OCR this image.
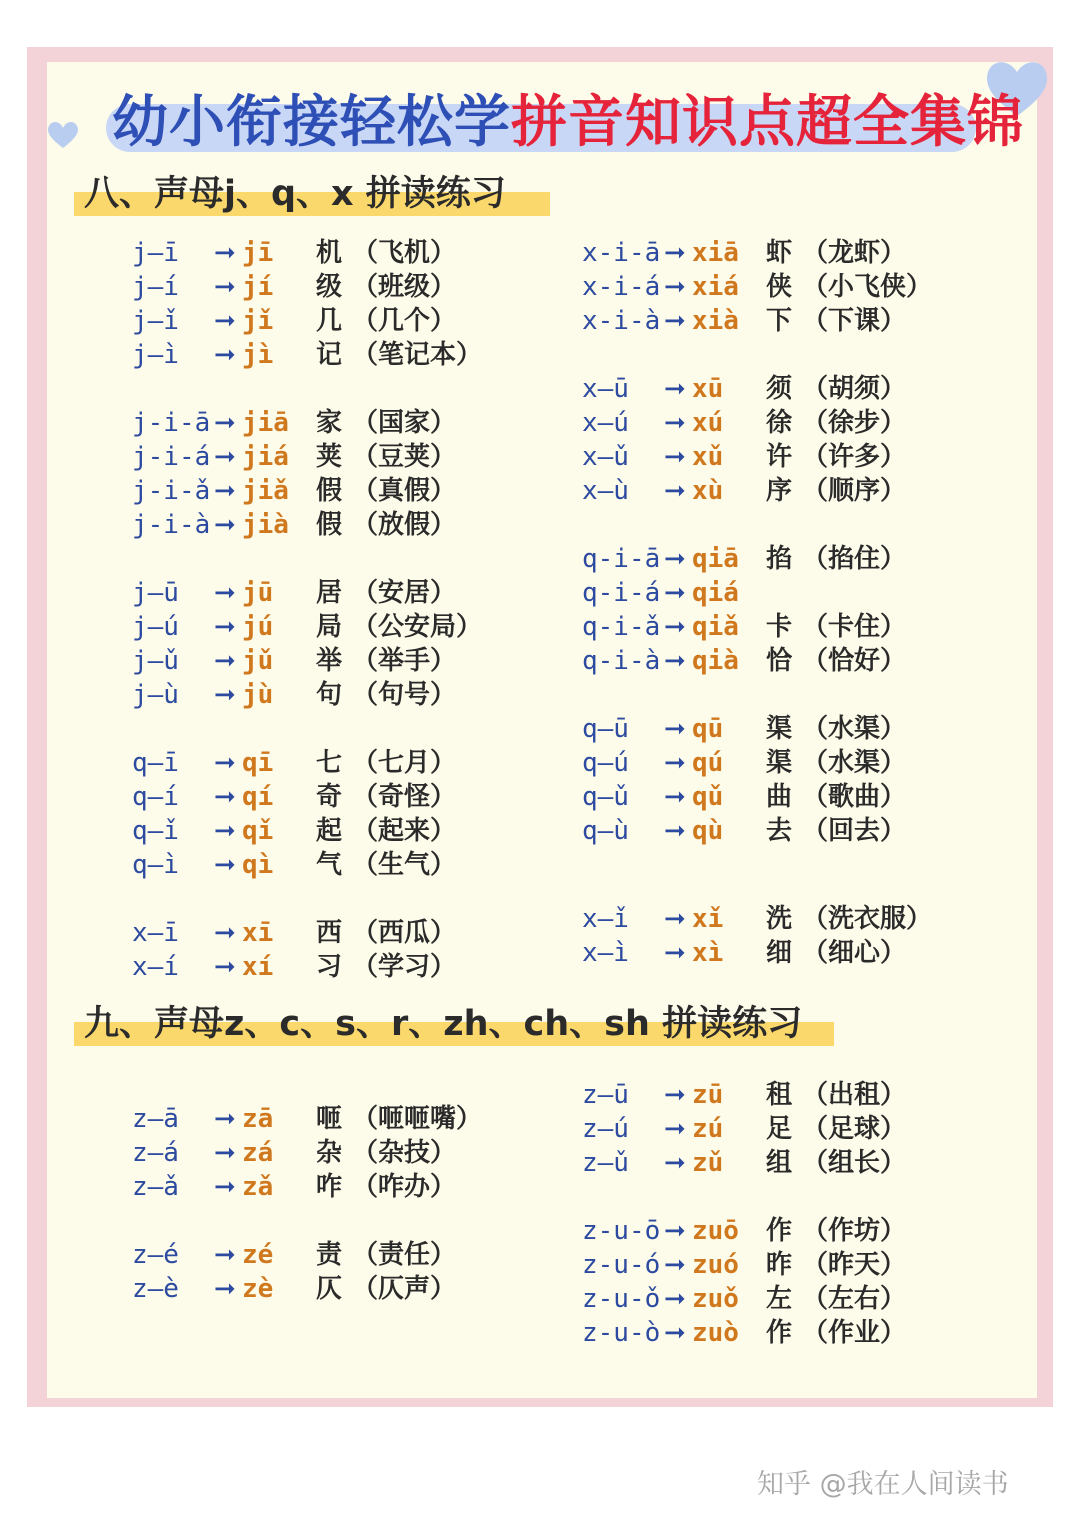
幼小衔接轻松学拼音知识点超全集锦
八、声母j、q、x 拼读练习
j—ī ➞ jī 机 （飞机）
j—í ➞ jí 级 （班级）
j—ǐ ➞ jǐ 几 （几个）
j—ì ➞ jì 记 （笔记本）
j-i-ā ➞ jiā 家 （国家）
j-i-á ➞ jiá 荚 （豆荚）
j-i-ǎ ➞ jiǎ 假 （真假）
j-i-à ➞ jià 假 （放假）
j—ū ➞ jū 居 （安居）
j—ú ➞ jú 局 （公安局）
j—ǔ ➞ jǔ 举 （举手）
j—ù ➞ jù 句 （句号）
q—ī ➞ qī 七 （七月）
q—í ➞ qí 奇 （奇怪）
q—ǐ ➞ qǐ 起 （起来）
q—ì ➞ qì 气 （生气）
x—ī ➞ xī 西 （西瓜）
x—í ➞ xí 习 （学习）
x-i-ā ➞ xiā 虾 （龙虾）
x-i-á ➞ xiá 侠 （小飞侠）
x-i-à ➞ xià 下 （下课）
x—ū ➞ xū 须 （胡须）
x—ú ➞ xú 徐 （徐步）
x—ǔ ➞ xǔ 许 （许多）
x—ù ➞ xù 序 （顺序）
q-i-ā ➞ qiā 掐 （掐住）
q-i-á ➞ qiá
q-i-ǎ ➞ qiǎ 卡 （卡住）
q-i-à ➞ qià 恰 （恰好）
q—ū ➞ qū 渠 （水渠）
q—ú ➞ qú 渠 （水渠）
q—ǔ ➞ qǔ 曲 （歌曲）
q—ù ➞ qù 去 （回去）
x—ǐ ➞ xǐ 洗 （洗衣服）
x—ì ➞ xì 细 （细心）
九、声母z、c、s、r、zh、ch、sh 拼读练习
z—ā ➞ zā 咂 （咂咂嘴）
z—á ➞ zá 杂 （杂技）
z—ǎ ➞ zǎ 咋 （咋办）
z—é ➞ zé 责 （责任）
z—è ➞ zè 仄 （仄声）
z—ū ➞ zū 租 （出租）
z—ú ➞ zú 足 （足球）
z—ǔ ➞ zǔ 组 （组长）
z-u-ō ➞ zuō 作 （作坊）
z-u-ó ➞ zuó 昨 （昨天）
z-u-ǒ ➞ zuǒ 左 （左右）
z-u-ò ➞ zuò 作 （作业）
知乎 @我在人间读书
